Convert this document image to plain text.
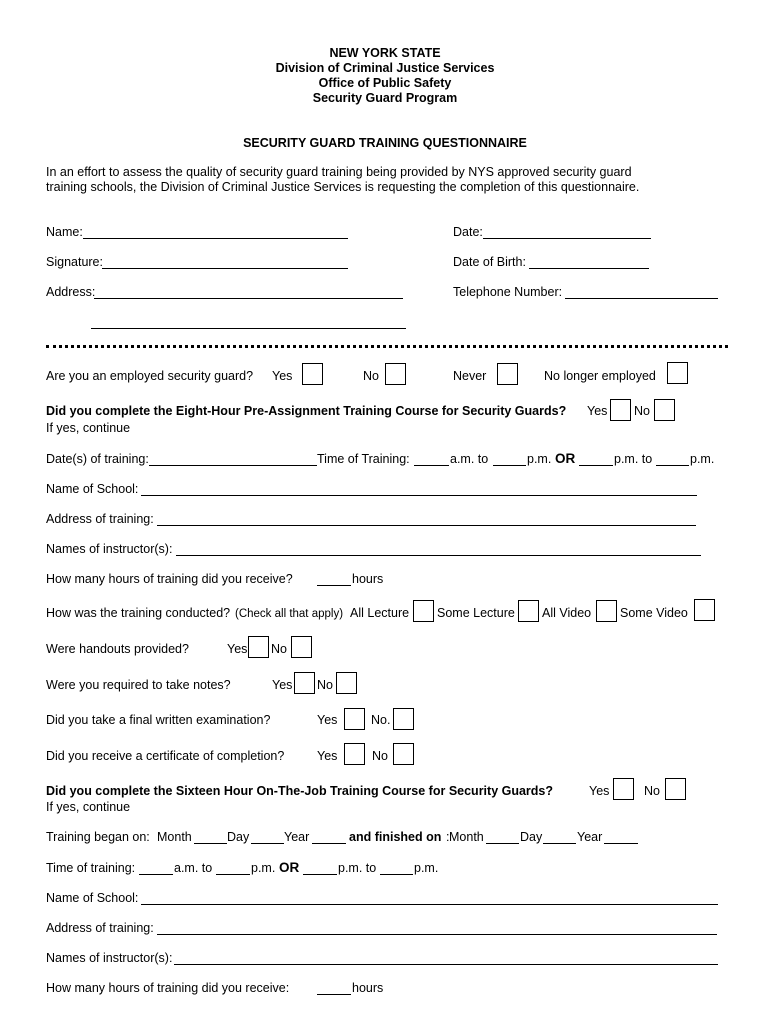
NEW YORK STATE
Division of Criminal Justice Services
Office of Public Safety
Security Guard Program
SECURITY GUARD TRAINING QUESTIONNAIRE
In an effort to assess the quality of security guard training being provided by NYS approved security guard
training schools, the Division of Criminal Justice Services is requesting the completion of this questionnaire.
Name:	Date:
Signature:	Date of Birth:
Address:	Telephone Number:
Are you an employed security guard? Yes	No	Never	No longer employed
Did you complete the Eight-Hour Pre-Assignment Training Course for Security Guards? Yes No
If yes, continue
Date(s) of training:	Time of Training:	a.m. to	p.m. OR	p.m. to	p.m.
Name of School:
Address of training:
Names of instructor(s):
How many hours of training did you receive?	hours
How was the training conducted? (Check all that apply) All Lecture Some Lecture All Video Some Video
Were handouts provided?	Yes No
Were you required to take notes?	Yes No
Did you take a final written examination?	Yes	No.
Did you receive a certificate of completion?	Yes	No
Did you complete the Sixteen Hour On-The-Job Training Course for Security Guards?	Yes	No
If yes, continue
Training began on: Month	Day	Year	and finished on : Month	Day	Year
Time of training:	a.m. to	p.m. OR	p.m. to	p.m.
Name of School:
Address of training:
Names of instructor(s):
How many hours of training did you receive:	hours
